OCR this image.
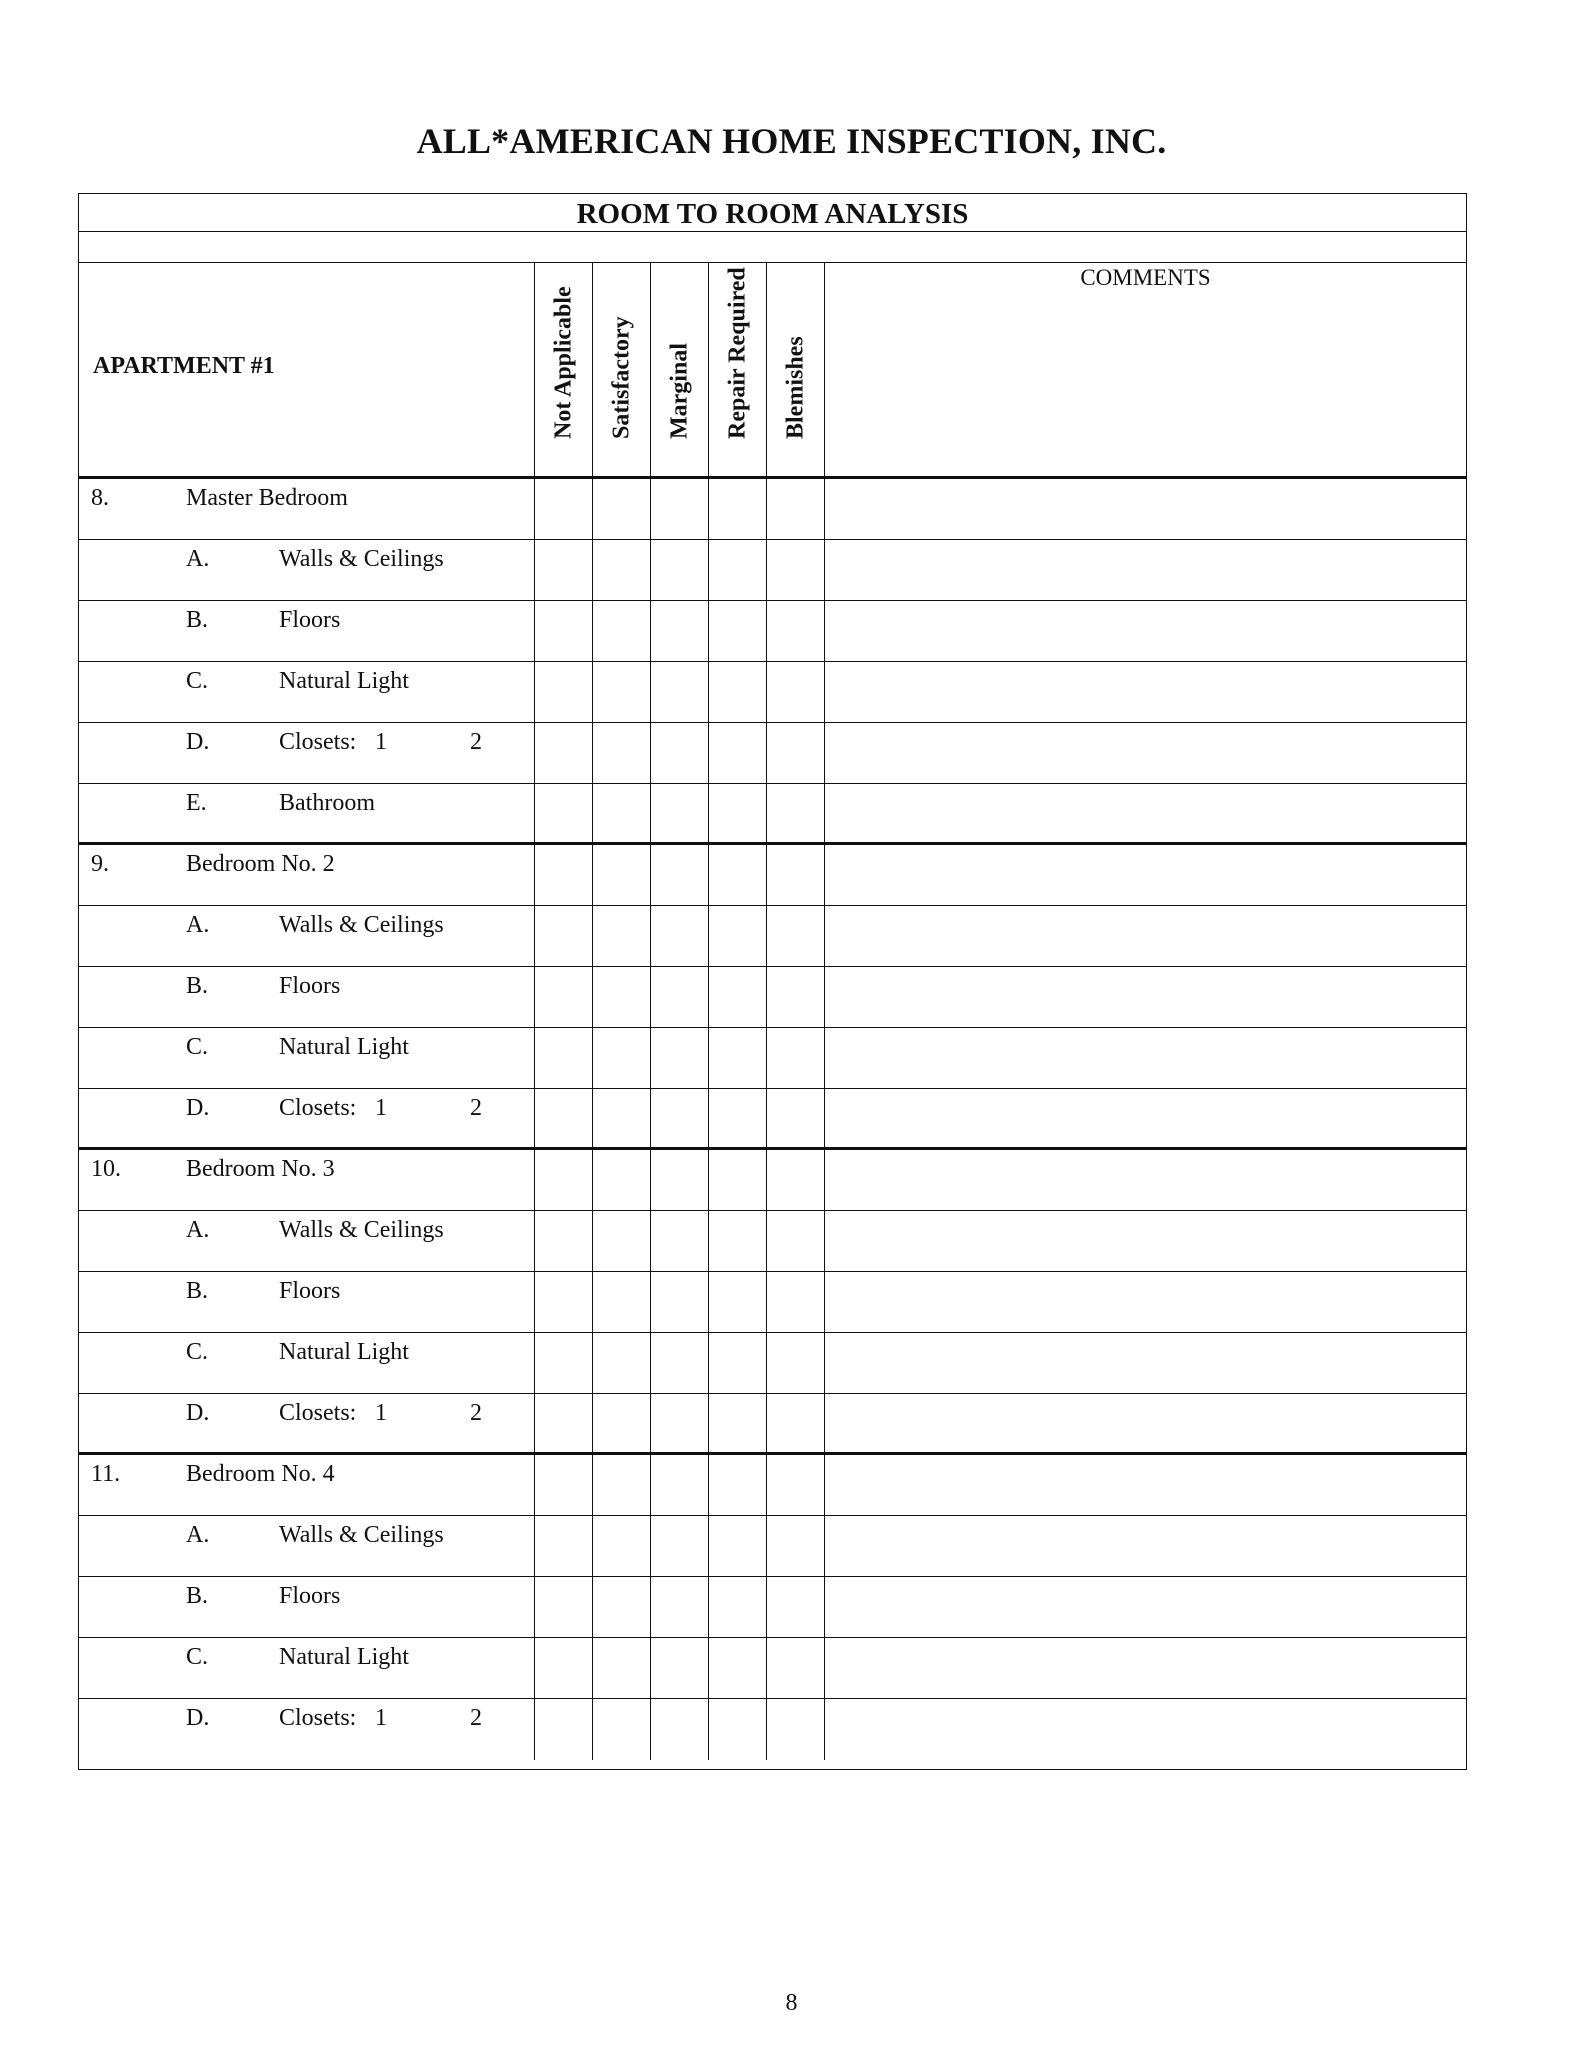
ALL*AMERICAN HOME INSPECTION, INC.
ROOM TO ROOM ANALYSIS
APARTMENT #1	Not Applicable Satisfactory Marginal Repair Required Blemishes
COMMENTS
8.	Master Bedroom
A.	Walls & Ceilings
B.	Floors
C.	Natural Light
D.	Closets: 1	2
E.	Bathroom
9.	Bedroom No. 2
A.	Walls & Ceilings
B.	Floors
C.	Natural Light
D.	Closets: 1	2
10.	Bedroom No. 3
A.	Walls & Ceilings
B.	Floors
C.	Natural Light
D.	Closets: 1	2
11.	Bedroom No. 4
A.	Walls & Ceilings
B.	Floors
C.	Natural Light
D.	Closets: 1	2
8
